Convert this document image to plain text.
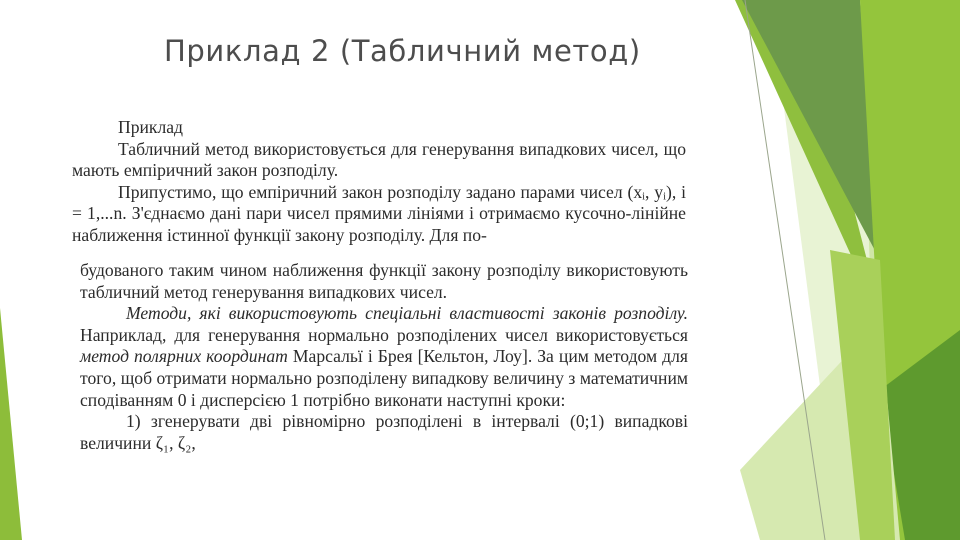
Приклад 2 (Табличний метод)

Приклад

Табличний метод використовується для генерування випадкових чисел, що мають емпіричний закон розподілу.

Припустимо, що емпіричний закон розподілу задано парами чисел (xᵢ, yᵢ), i = 1,...n. З'єднаємо дані пари чисел прямими лініями і отримаємо кусочно-лінійне наближення істинної функції закону розподілу. Для по-

будованого таким чином наближення функції закону розподілу використовують табличний метод генерування випадкових чисел.

Методи, які використовують спеціальні властивості законів розподілу. Наприклад, для генерування нормально розподілених чисел використовується метод полярних координат Марсальї і Брея [Кельтон, Лоу]. За цим методом для того, щоб отримати нормально розподілену випадкову величину з математичним сподіванням 0 і дисперсією 1 потрібно виконати наступні кроки:

1) згенерувати дві рівномірно розподілені в інтервалі (0;1) випадкові величини ζ₁, ζ₂,
